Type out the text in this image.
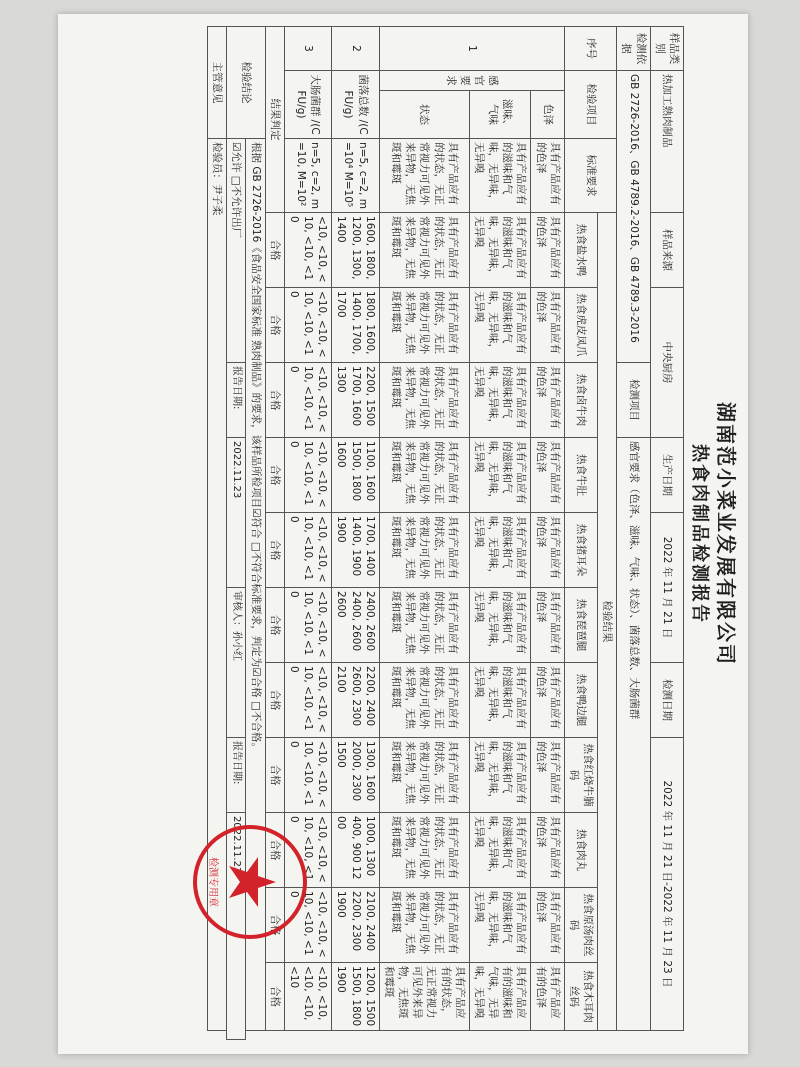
湖南范小菜业发展有限公司
热食肉制品检测报告
样品类别	热加工熟肉制品			样品来源	中央厨房		生产日期	2022 年 11 月 21 日		检测日期	2022 年 11 月 21 日-2022 年 11 月 23 日			
检测依据	GB 2726-2016、GB 4789.2-2016、GB 4789.3-2016					检测项目	感官要求（色泽、滋味、气味、状态）、菌落总数、大肠菌群							
序号	检验项目		标准要求	检验结果										
				热食盐水鸭	热食虎皮凤爪	热食卤牛肉	热食牛肚	热食猪耳朵	热食琵琶腿	热食鸭边腿	热食红烧牛腩码	热食肉丸	热食原汤肉丝码	热食木耳肉丝码
1	感官要求	色泽	具有产品应有的色泽	具有产品应有的色泽	具有产品应有的色泽	具有产品应有的色泽	具有产品应有的色泽	具有产品应有的色泽	具有产品应有的色泽	具有产品应有的色泽	具有产品应有的色泽	具有产品应有的色泽	具有产品应有的色泽	具有产品应有的色泽
		滋味、气味	具有产品应有的滋味和气味，无异味，无异嗅	具有产品应有的滋味和气味，无异味，无异嗅	具有产品应有的滋味和气味，无异味，无异嗅	具有产品应有的滋味和气味，无异味，无异嗅	具有产品应有的滋味和气味，无异味，无异嗅	具有产品应有的滋味和气味，无异味，无异嗅	具有产品应有的滋味和气味，无异味，无异嗅	具有产品应有的滋味和气味，无异味，无异嗅	具有产品应有的滋味和气味，无异味，无异嗅	具有产品应有的滋味和气味，无异味，无异嗅	具有产品应有的滋味和气味，无异味，无异嗅	具有产品应有的滋味和气味，无异味，无异嗅
		状态	具有产品应有的状态，无正常视力可见外来异物，无焦斑和霉斑	具有产品应有的状态，无正常视力可见外来异物，无焦斑和霉斑	具有产品应有的状态，无正常视力可见外来异物，无焦斑和霉斑	具有产品应有的状态，无正常视力可见外来异物，无焦斑和霉斑	具有产品应有的状态，无正常视力可见外来异物，无焦斑和霉斑	具有产品应有的状态，无正常视力可见外来异物，无焦斑和霉斑	具有产品应有的状态，无正常视力可见外来异物，无焦斑和霉斑	具有产品应有的状态，无正常视力可见外来异物，无焦斑和霉斑	具有产品应有的状态，无正常视力可见外来异物，无焦斑和霉斑	具有产品应有的状态，无正常视力可见外来异物，无焦斑和霉斑	具有产品应有的状态，无正常视力可见外来异物，无焦斑和霉斑	具有产品应有的状态，无正常视力可见外来异物，无焦斑和霉斑
2	菌落总数 /(CFU/g)		n=5, c=2, m=10⁴ M=10⁵	1600, 1800, 1200, 1300, 1400	1800, 1600, 1400, 1700, 1700	2200, 1500 1700, 1600 1300	1100, 1600 1500, 1800 1600	1700, 1400 1400, 1900 1900	2400, 2600 2400, 2600 2600	2200, 2400 2600, 2300 2100	1300, 1600 2000, 2300 1500	1000, 1300 400, 900 1200	2100, 2400 2200, 2300 1900	1200, 1500 1500, 1800 1900
3	大肠菌群 /(CFU/g)		n=5, c=2, m=10, M=10²	<10, <10, <10, <10, <10	<10, <10, <10, <10, <10	<10, <10, <10, <10, <10	<10, <10, <10, <10, <10	<10, <10, <10, <10, <10	<10, <10, <10, <10, <10	<10, <10, <10, <10, <10	<10, <10, <10, <10, <10	<10, <10, <10, <10, <10	<10, <10, <10, <10, <10	<10, <10, <10, <10, <10
结果判定				合格	合格	合格	合格	合格	合格	合格	合格	合格	合格	合格
检验结论			根据 GB 2726-2016《食品安全国家标准 熟肉制品》的要求，该样品所检项目☑符合 □不符合标准要求，判定为☑合格 □不合格。											
			☑允许 □不允许出厂			报告日期:	2022.11.23		审核人：孙小红		报告日期:	2022.11.23		
主管意见			检验员：尹子柔											
检测专用章
